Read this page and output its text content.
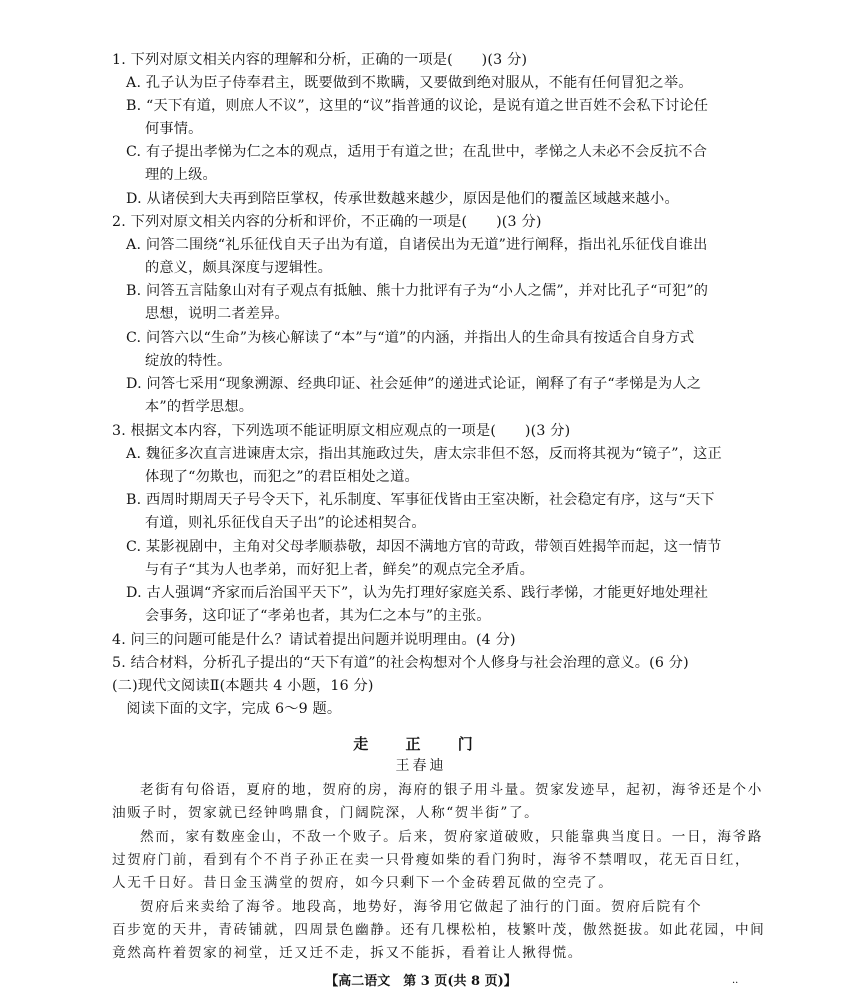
1. 下列对原文相关内容的理解和分析，正确的一项是(　　)(3 分)
A. 孔子认为臣子侍奉君主，既要做到不欺瞒，又要做到绝对服从，不能有任何冒犯之举。
B. “天下有道，则庶人不议”，这里的“议”指普通的议论，是说有道之世百姓不会私下讨论任
何事情。
C. 有子提出孝悌为仁之本的观点，适用于有道之世；在乱世中，孝悌之人未必不会反抗不合
理的上级。
D. 从诸侯到大夫再到陪臣掌权，传承世数越来越少，原因是他们的覆盖区域越来越小。
2. 下列对原文相关内容的分析和评价，不正确的一项是(　　)(3 分)
A. 问答二围绕“礼乐征伐自天子出为有道，自诸侯出为无道”进行阐释，指出礼乐征伐自谁出
的意义，颇具深度与逻辑性。
B. 问答五言陆象山对有子观点有抵触、熊十力批评有子为“小人之儒”，并对比孔子“可犯”的
思想，说明二者差异。
C. 问答六以“生命”为核心解读了“本”与“道”的内涵，并指出人的生命具有按适合自身方式
绽放的特性。
D. 问答七采用“现象溯源、经典印证、社会延伸”的递进式论证，阐释了有子“孝悌是为人之
本”的哲学思想。
3. 根据文本内容，下列选项不能证明原文相应观点的一项是(　　)(3 分)
A. 魏征多次直言进谏唐太宗，指出其施政过失，唐太宗非但不怒，反而将其视为“镜子”，这正
体现了“勿欺也，而犯之”的君臣相处之道。
B. 西周时期周天子号令天下，礼乐制度、军事征伐皆由王室决断，社会稳定有序，这与“天下
有道，则礼乐征伐自天子出”的论述相契合。
C. 某影视剧中，主角对父母孝顺恭敬，却因不满地方官的苛政，带领百姓揭竿而起，这一情节
与有子“其为人也孝弟，而好犯上者，鲜矣”的观点完全矛盾。
D. 古人强调“齐家而后治国平天下”，认为先打理好家庭关系、践行孝悌，才能更好地处理社
会事务，这印证了“孝弟也者，其为仁之本与”的主张。
4. 问三的问题可能是什么？请试着提出问题并说明理由。(4 分)
5. 结合材料，分析孔子提出的“天下有道”的社会构想对个人修身与社会治理的意义。(6 分)
(二)现代文阅读Ⅱ(本题共 4 小题，16 分)
　阅读下面的文字，完成 6～9 题。
走 正 门
王春迪
老街有句俗语，夏府的地，贺府的房，海府的银子用斗量。贺家发迹早，起初，海爷还是个小
油贩子时，贺家就已经钟鸣鼎食，门阔院深，人称“贺半街”了。
然而，家有数座金山，不敌一个败子。后来，贺府家道破败，只能靠典当度日。一日，海爷路
过贺府门前，看到有个不肖子孙正在卖一只骨瘦如柴的看门狗时，海爷不禁喟叹，花无百日红，
人无千日好。昔日金玉满堂的贺府，如今只剩下一个金砖碧瓦做的空壳了。
贺府后来卖给了海爷。地段高，地势好，海爷用它做起了油行的门面。贺府后院有个
百步宽的天井，青砖铺就，四周景色幽静。还有几棵松柏，枝繁叶茂，傲然挺拔。如此花园，中间
竟然高杵着贺家的祠堂，迁又迁不走，拆又不能拆，看着让人揪得慌。
【高二语文　第 3 页(共 8 页)】	··
